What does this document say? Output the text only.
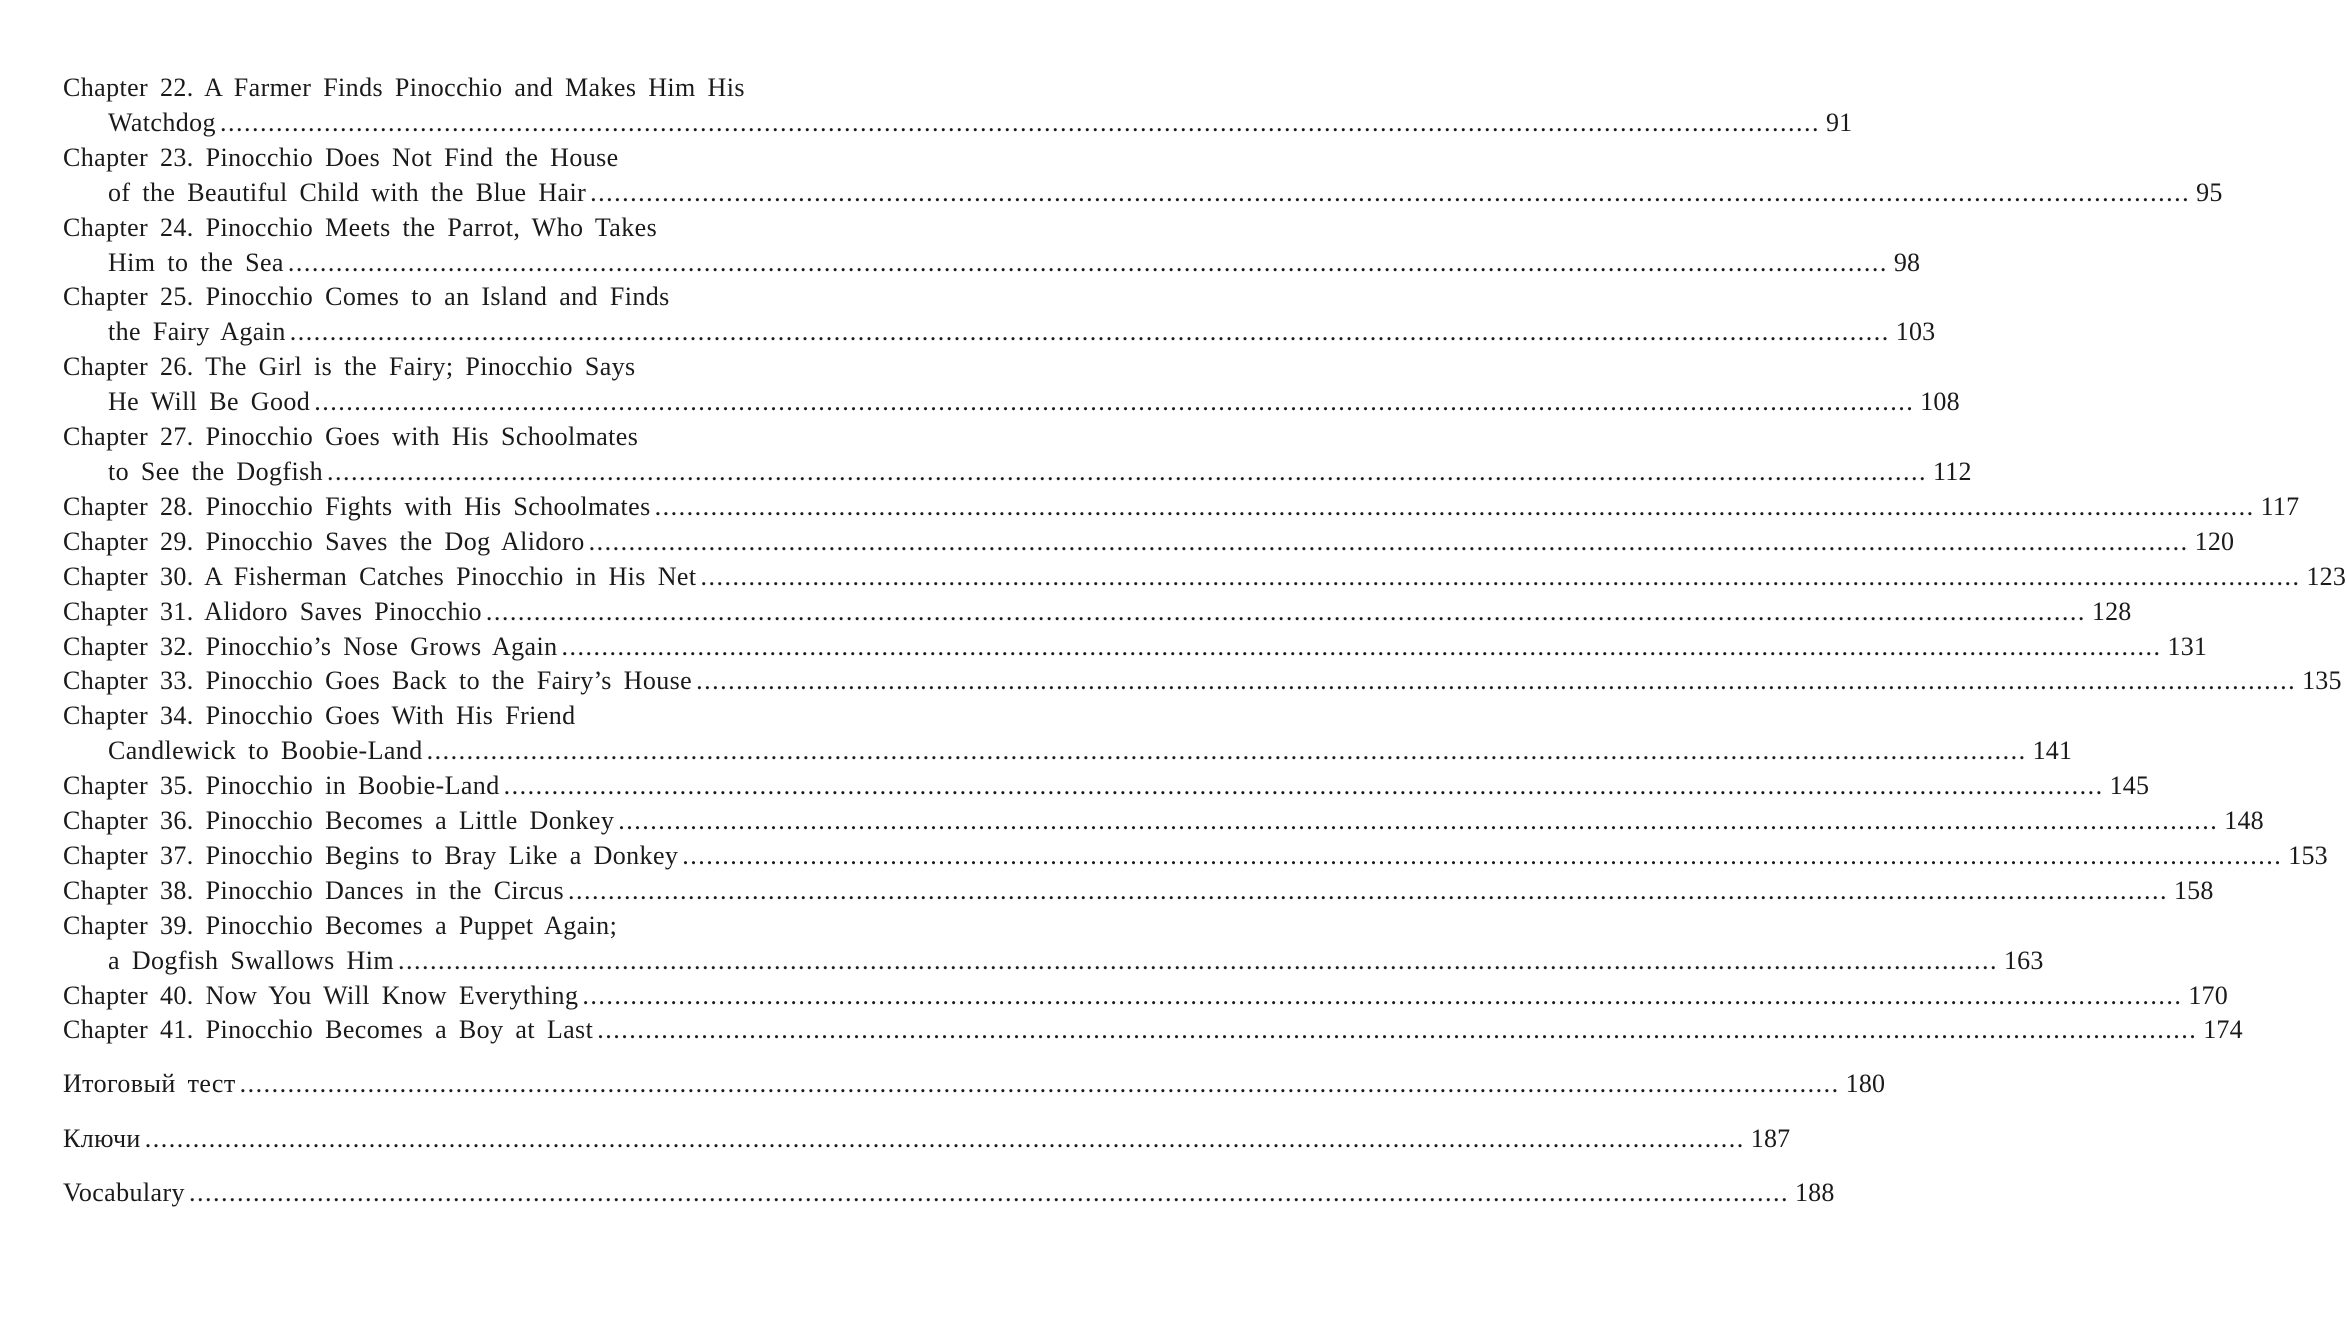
Chapter 22. A Farmer Finds Pinocchio and Makes Him His
Watchdog ........................................................................................................................................................................................................ 91
Chapter 23. Pinocchio Does Not Find the House
of the Beautiful Child with the Blue Hair ........................................................................................................................................................................................................ 95
Chapter 24. Pinocchio Meets the Parrot, Who Takes
Him to the Sea ........................................................................................................................................................................................................ 98
Chapter 25. Pinocchio Comes to an Island and Finds
the Fairy Again ........................................................................................................................................................................................................ 103
Chapter 26. The Girl is the Fairy; Pinocchio Says
He Will Be Good ........................................................................................................................................................................................................ 108
Chapter 27. Pinocchio Goes with His Schoolmates
to See the Dogfish ........................................................................................................................................................................................................ 112
Chapter 28. Pinocchio Fights with His Schoolmates ........................................................................................................................................................................................................ 117
Chapter 29. Pinocchio Saves the Dog Alidoro ........................................................................................................................................................................................................ 120
Chapter 30. A Fisherman Catches Pinocchio in His Net ........................................................................................................................................................................................................ 123
Chapter 31. Alidoro Saves Pinocchio ........................................................................................................................................................................................................ 128
Chapter 32. Pinocchio’s Nose Grows Again ........................................................................................................................................................................................................ 131
Chapter 33. Pinocchio Goes Back to the Fairy’s House ........................................................................................................................................................................................................ 135
Chapter 34. Pinocchio Goes With His Friend
Candlewick to Boobie-Land ........................................................................................................................................................................................................ 141
Chapter 35. Pinocchio in Boobie-Land ........................................................................................................................................................................................................ 145
Chapter 36. Pinocchio Becomes a Little Donkey ........................................................................................................................................................................................................ 148
Chapter 37. Pinocchio Begins to Bray Like a Donkey ........................................................................................................................................................................................................ 153
Chapter 38. Pinocchio Dances in the Circus ........................................................................................................................................................................................................ 158
Chapter 39. Pinocchio Becomes a Puppet Again;
a Dogfish Swallows Him ........................................................................................................................................................................................................ 163
Chapter 40. Now You Will Know Everything ........................................................................................................................................................................................................ 170
Chapter 41. Pinocchio Becomes a Boy at Last ........................................................................................................................................................................................................ 174
Итоговый тест ........................................................................................................................................................................................................ 180
Ключи ........................................................................................................................................................................................................ 187
Vocabulary ........................................................................................................................................................................................................ 188
